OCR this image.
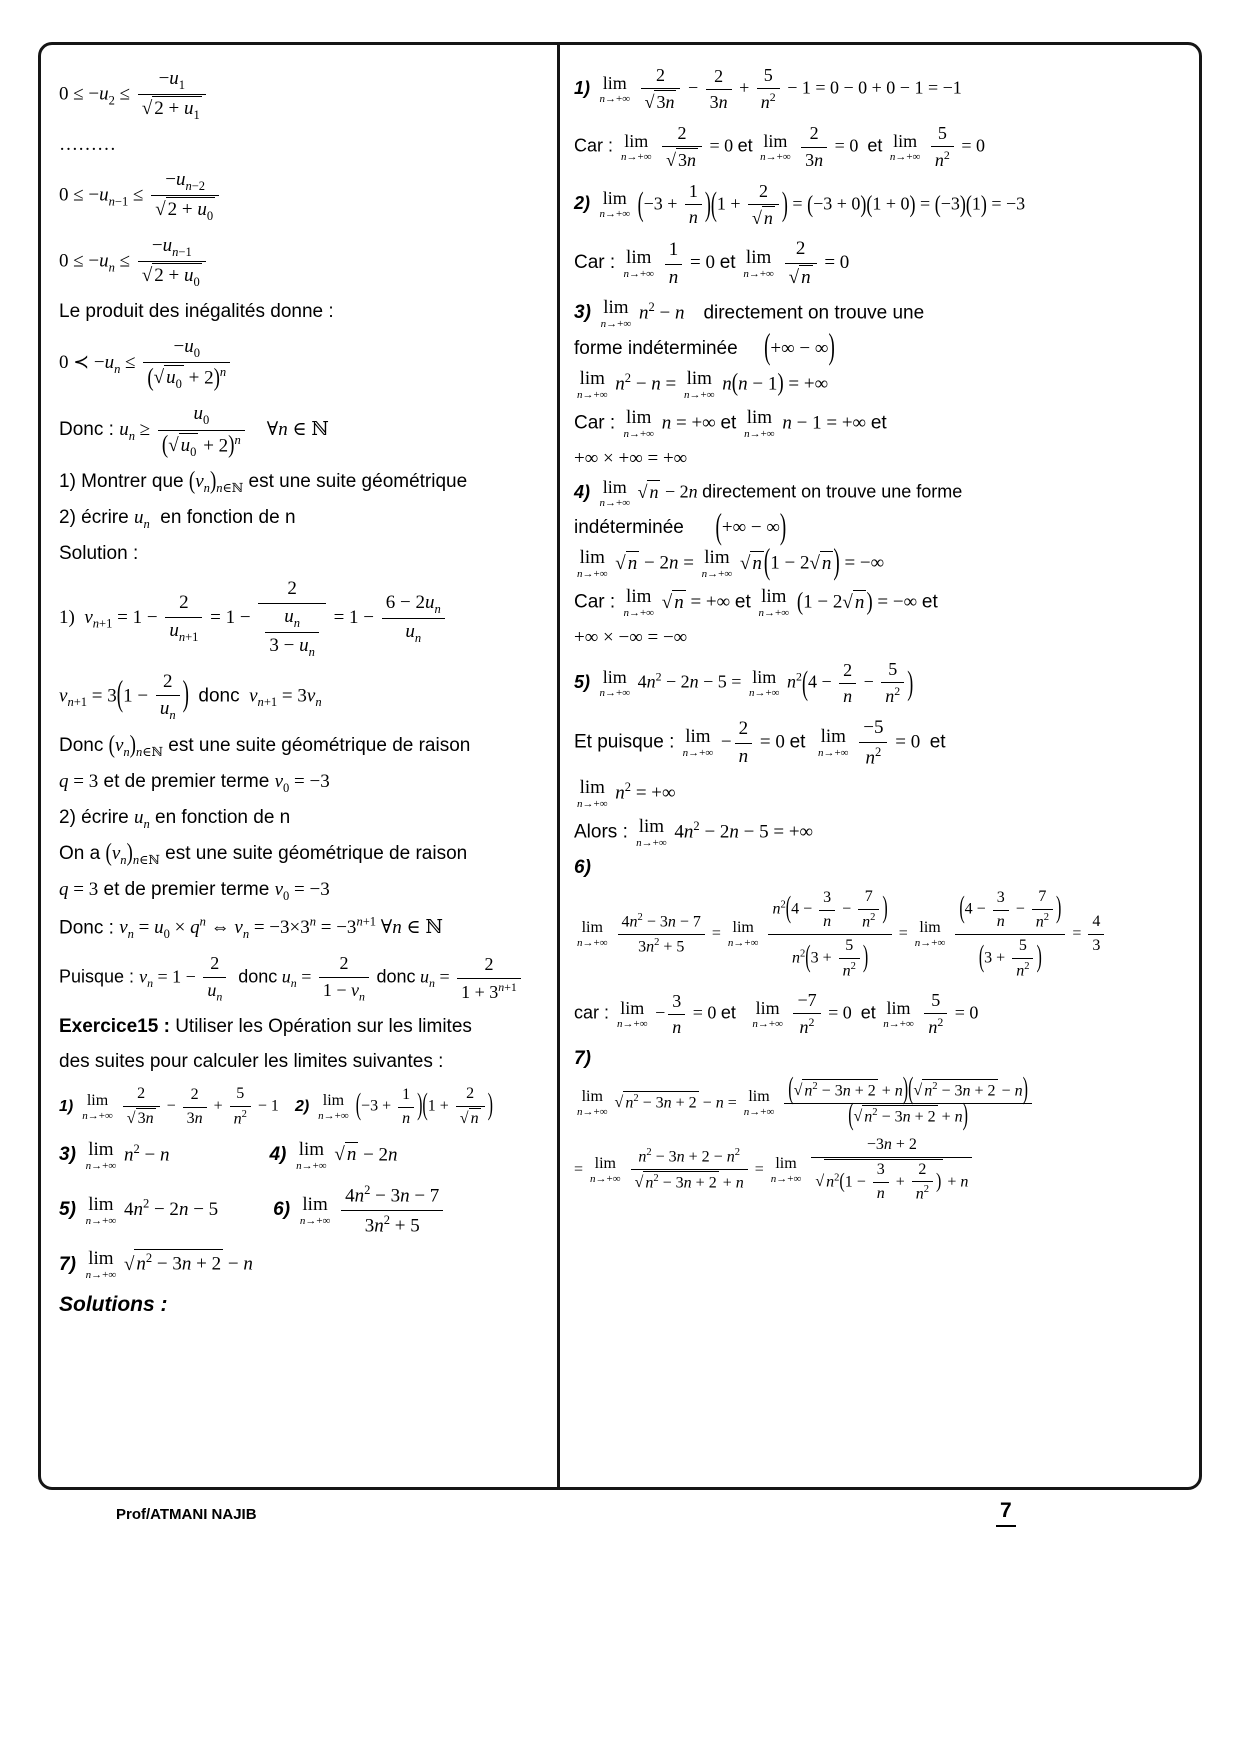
$0 \le -u_2 \le \frac{-u_1}{√ 2 + u_1}$
………
$0 \le -u_{n-1} \le \frac{-u_{n-2}}{√ 2 + u_0}$
$0 \le -u_n \le \frac{-u_{n-1}}{√ 2 + u_0}$
Le produit des inégalités donne :
0 ≺ $-u_n \le \frac{-u_0}{(√ u_0 + 2)^n}$
Donc : $u_n \ge \frac{u_0}{(√ u_0 + 2)^n}$ ∀n ∈ ℕ
1) Montrer que $(v_n)_{n\in ℕ}$ est une suite géométrique
2) écrire $u_n$  en fonction de n
Solution :
1)  $v_{n+1} = 1 - \frac{2}{u_{n+1}} = 1 - \frac{2}{\frac{u_n}{3 - u_n}} = 1 - \frac{6 - 2u_n}{u_n}$
$v_{n+1} = 3(1 - \frac{2}{u_n}$ ) donc $v_{n+1} = 3v_n$
Donc $(v_n)_{n\in ℕ}$ est une suite géométrique de raison
q = 3 et de premier terme $v_0 = -3$
2) écrire $u_n$ en fonction de n
On a $(v_n)_{n\in ℕ}$ est une suite géométrique de raison
q = 3 et de premier terme $v_0 = -3$
Donc : $v_n = u_0 \times q^n$ ⇔ $v_n = -3\times 3^n = -3^{n+1}$ ∀n ∈ ℕ
Puisque : $v_n = 1 - \frac{2}{u_n}$ donc $u_n = \frac{2}{1 - v_n}$ donc $u_n = \frac{2}{1 + 3^{n+1}}$
Exercice15 : Utiliser les Opération sur les limites
des suites pour calculer les limites suivantes :
1) lim
n→+∞
$\frac{2}{√ 3n} - \frac{2}{3n} + \frac{5}{n^2} - 1$ 2) lim
n→+∞ $(-3 + \frac{1}{n} )(1 + \frac{2}{√ n}$ )
3) lim
n→+∞
$n^2 - n$	4) lim
n→+∞
√ n − 2n
5) lim
n→+∞
$4n^2 - 2n - 5$	6) lim
n→+∞
$\frac{4n^2 - 3n - 7}{3n^2 + 5}$
7) lim
n→+∞
√ $n^2 - 3n + 2 - n$
Solutions :
1) lim
n→+∞
$\frac{2}{√ 3n} - \frac{2}{3n} + \frac{5}{n^2} - 1 = 0 - 0 + 0 - 1 = -1$
Car : lim
n→+∞
$\frac{2}{√ 3n} = 0$ et lim
n→+∞
$\frac{2}{3n} = 0$  et lim
n→+∞
$\frac{5}{n^2} = 0$
2) lim
n→+∞ $(-3 + \frac{1}{n} )(1 + \frac{2}{√ n}$ ) = (−3 + 0)(1 + 0) = (−3)(1) = −3
Car : lim
n→+∞
$\frac{1}{n} = 0$ et lim
n→+∞
$\frac{2}{√ n} = 0$
3) lim
n→+∞
$n^2 - n$ directement on trouve une
forme indéterminée     (+∞ − ∞)
lim
n→+∞
$n^2 - n = \lim$
n→+∞
n(n − 1) = +∞
Car : lim
n→+∞
n = +∞ et lim
n→+∞
n − 1 = +∞ et
+∞ × +∞ = +∞
4) lim
n→+∞
√ n − 2n directement on trouve une forme
indéterminée      (+∞ − ∞)
lim
n→+∞
√ n − 2n = lim
n→+∞
√ n (1 − 2√ n ) = −∞
Car : lim
n→+∞
√ n = +∞ et lim
n→+∞ (1 − 2√ n ) = −∞ et
+∞ × −∞ = −∞
5) lim
n→+∞
$4n^2 - 2n - 5 = \lim$
n→+∞
$n^2(4 - \frac{2}{n} - \frac{5}{n^2}$ )
Et puisque : lim
n→+∞
− $\frac{2}{n} = 0$ et lim
n→+∞
$\frac{-5}{n^2} = 0$  et
lim
n→+∞
$n^2$ = +∞
Alors : lim
n→+∞
$4n^2 - 2n - 5$ = +∞
6)
lim
n→+∞
$\frac{4n^2 - 3n - 7}{3n^2 + 5} = \lim$
n→+∞
$\frac{n^2(4 - \frac{3}{n} - \frac{7}{n^2} )}{n^2(3 + \frac{5}{n^2} )} = \lim$
n→+∞
$\frac{(4 - \frac{3}{n} - \frac{7}{n^2} )}{(3 + \frac{5}{n^2} )} = \frac{4}{3}$
car : lim
n→+∞
− $\frac{3}{n} = 0$ et lim
n→+∞
$\frac{-7}{n^2} = 0$  et lim
n→+∞
$\frac{5}{n^2} = 0$
7)
lim
n→+∞
√ $n^2 - 3n + 2 - n = \lim$
n→+∞
$\frac{(√ n^2 - 3n + 2 + n)(√ n^2 - 3n + 2 - n)}{(√ n^2 - 3n + 2 + n)}$
= lim
n→+∞
$\frac{n^2 - 3n + 2 - n^2}{√ n^2 - 3n + 2 + n} = \lim$
n→+∞
$\frac{-3n + 2}{√ n^2(1 - \frac{3}{n} + \frac{2}{n^2} ) + n}$
Prof/ATMANI NAJIB	7
